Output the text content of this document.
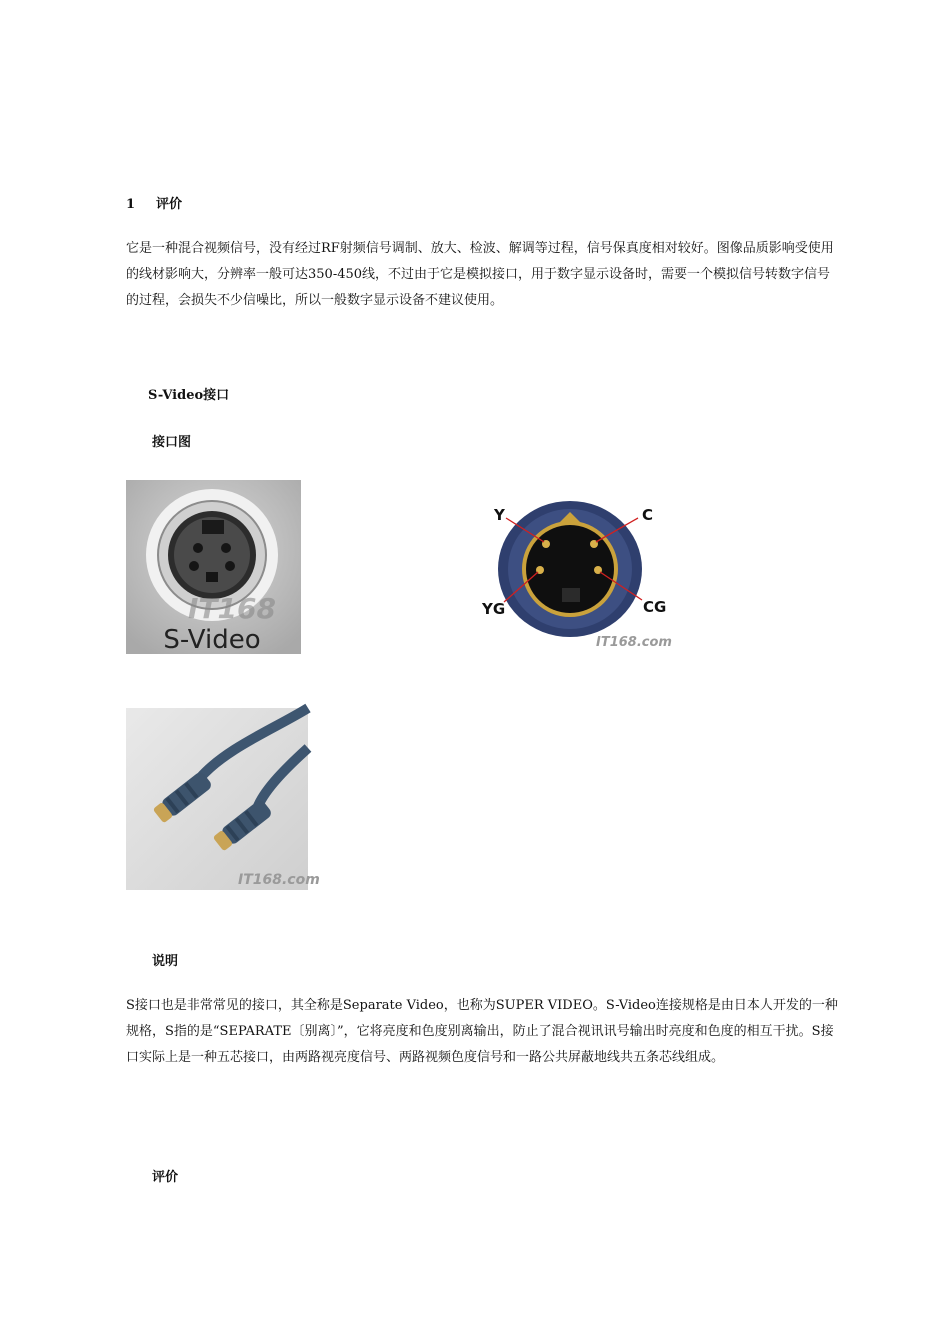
1 评价
它是一种混合视频信号，没有经过RF射频信号调制、放大、检波、解调等过程，信号保真度相对较好。图像品质影响受使用的线材影响大，分辨率一般可达350-450线，不过由于它是模拟接口，用于数字显示设备时，需要一个模拟信号转数字信号的过程，会损失不少信噪比，所以一般数字显示设备不建议使用。
S-Video接口
接口图
IT168
S-Video
Y	C
YG	CG
IT168.com
IT168.com
说明
S接口也是非常常见的接口，其全称是Separate Video，也称为SUPER VIDEO。S-Video连接规格是由日本人开发的一种规格，S指的是“SEPARATE〔别离〕”，它将亮度和色度别离输出，防止了混合视讯讯号输出时亮度和色度的相互干扰。S接口实际上是一种五芯接口，由两路视亮度信号、两路视频色度信号和一路公共屏蔽地线共五条芯线组成。
评价
